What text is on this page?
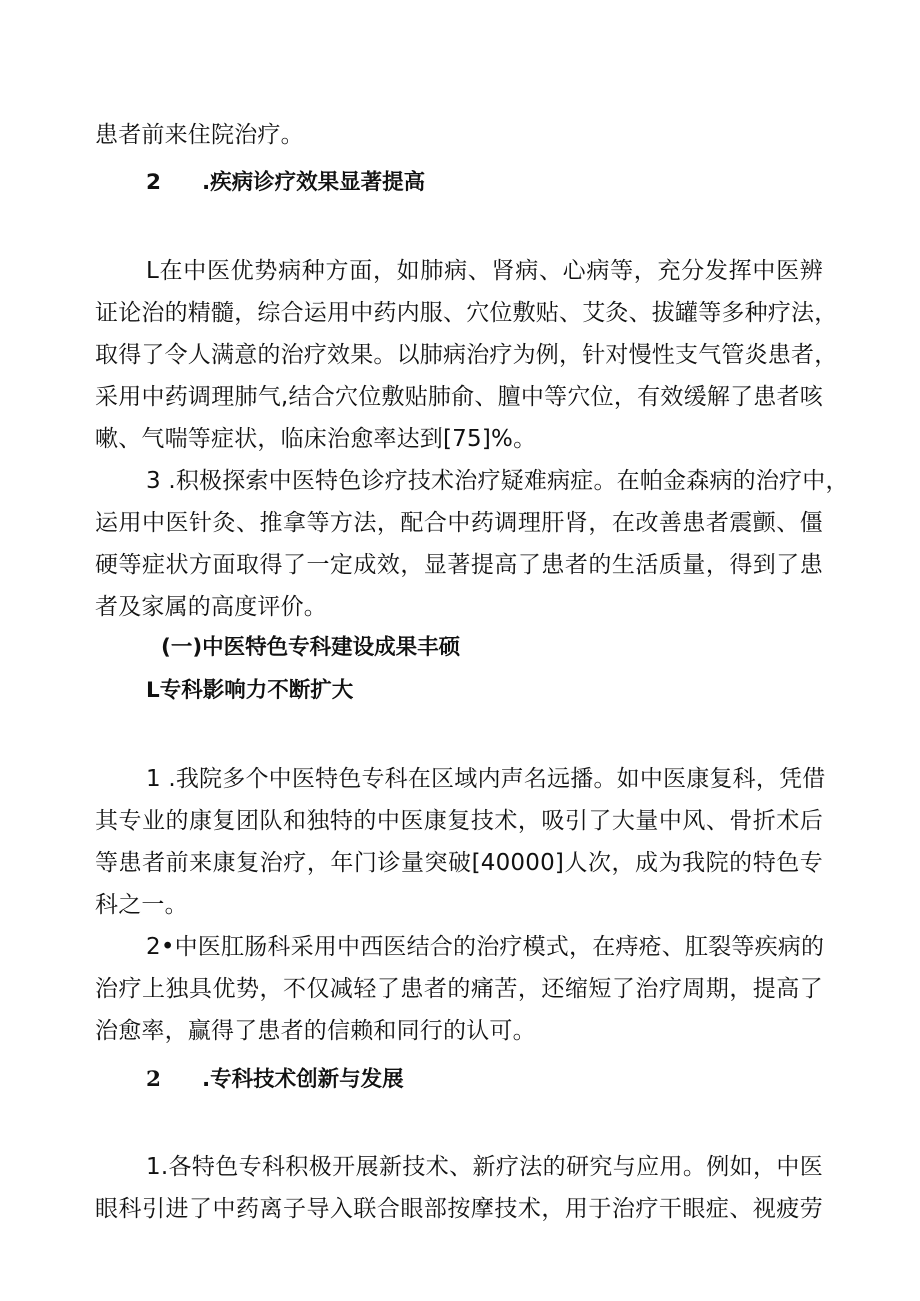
患者前来住院治疗。
2 .疾病诊疗效果显著提高
L在中医优势病种方面，如肺病、肾病、心病等，充分发挥中医辨
证论治的精髓，综合运用中药内服、穴位敷贴、艾灸、拔罐等多种疗法，
取得了令人满意的治疗效果。以肺病治疗为例，针对慢性支气管炎患者，
采用中药调理肺气,结合穴位敷贴肺俞、膻中等穴位，有效缓解了患者咳
嗽、气喘等症状，临床治愈率达到[75]%。
3 .积极探索中医特色诊疗技术治疗疑难病症。在帕金森病的治疗中，
运用中医针灸、推拿等方法，配合中药调理肝肾，在改善患者震颤、僵
硬等症状方面取得了一定成效，显著提高了患者的生活质量，得到了患
者及家属的高度评价。
(一)中医特色专科建设成果丰硕
L专科影响力不断扩大
1 .我院多个中医特色专科在区域内声名远播。如中医康复科，凭借
其专业的康复团队和独特的中医康复技术，吸引了大量中风、骨折术后
等患者前来康复治疗，年门诊量突破[40000]人次，成为我院的特色专
科之一。
2•中医肛肠科采用中西医结合的治疗模式，在痔疮、肛裂等疾病的
治疗上独具优势，不仅减轻了患者的痛苦，还缩短了治疗周期，提高了
治愈率，赢得了患者的信赖和同行的认可。
2 .专科技术创新与发展
1.各特色专科积极开展新技术、新疗法的研究与应用。例如，中医
眼科引进了中药离子导入联合眼部按摩技术，用于治疗干眼症、视疲劳
